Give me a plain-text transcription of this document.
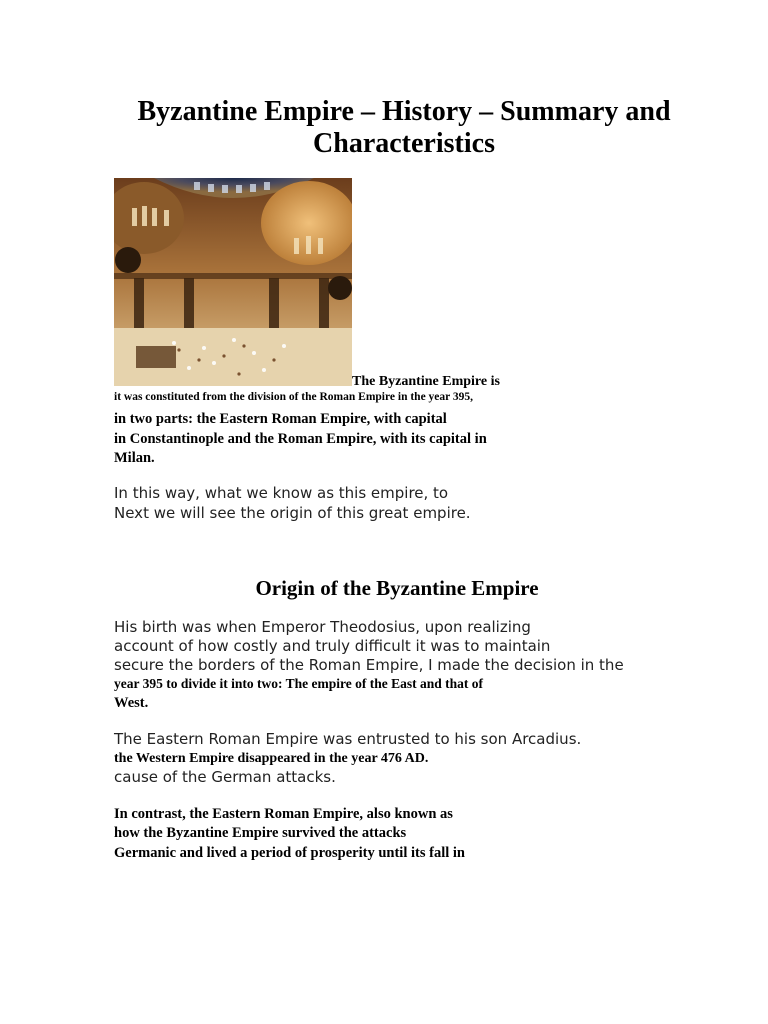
Byzantine Empire – History – Summary and
Characteristics
The Byzantine Empire is
it was constituted from the division of the Roman Empire in the year 395,
in two parts: the Eastern Roman Empire, with capital
in Constantinople and the Roman Empire, with its capital in
Milan.
In this way, what we know as this empire, to
Next we will see the origin of this great empire.
Origin of the Byzantine Empire
His birth was when Emperor Theodosius, upon realizing
account of how costly and truly difficult it was to maintain
secure the borders of the Roman Empire, I made the decision in the
year 395 to divide it into two: The empire of the East and that of
West.
The Eastern Roman Empire was entrusted to his son Arcadius.
the Western Empire disappeared in the year 476 AD.
cause of the German attacks.
In contrast, the Eastern Roman Empire, also known as
how the Byzantine Empire survived the attacks
Germanic and lived a period of prosperity until its fall in
